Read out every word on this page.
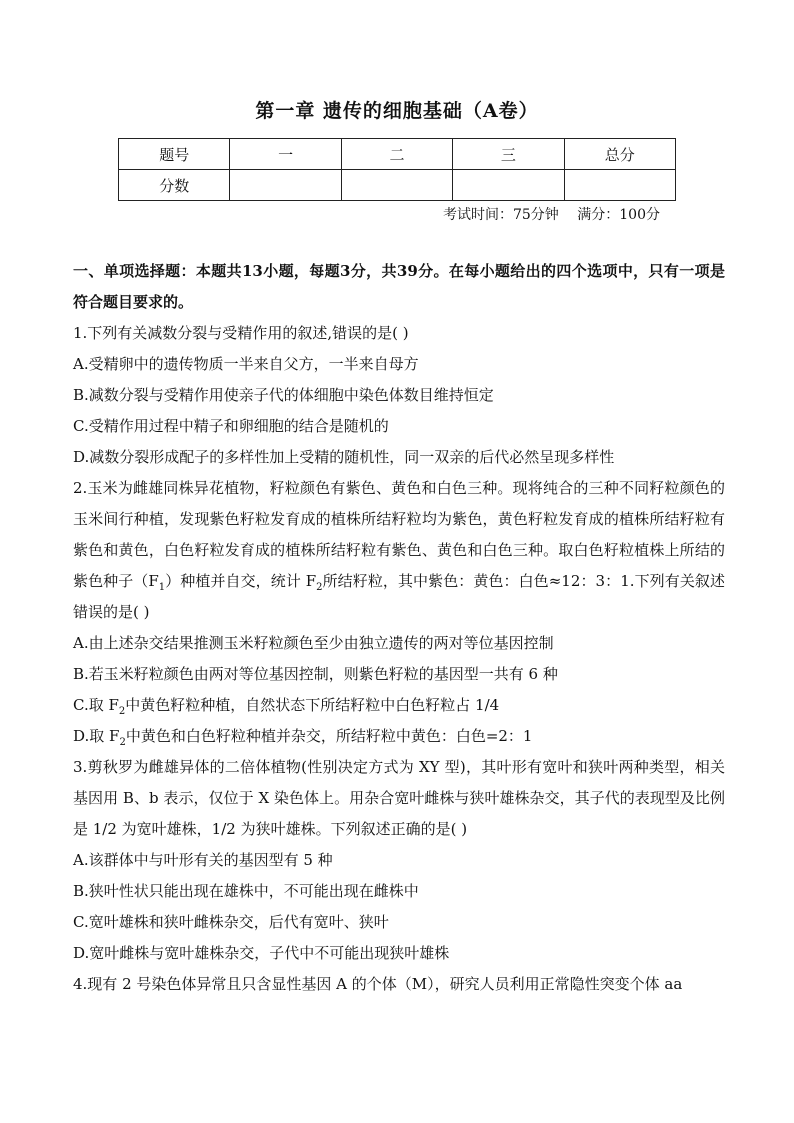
第一章 遗传的细胞基础（A卷）
题号	一	二	三	总分
分数				
考试时间：75分钟 满分：100分
一、单项选择题：本题共13小题，每题3分，共39分。在每小题给出的四个选项中，只有一项是符合题目要求的。
1.下列有关减数分裂与受精作用的叙述,错误的是( )
A.受精卵中的遗传物质一半来自父方，一半来自母方
B.减数分裂与受精作用使亲子代的体细胞中染色体数目维持恒定
C.受精作用过程中精子和卵细胞的结合是随机的
D.减数分裂形成配子的多样性加上受精的随机性，同一双亲的后代必然呈现多样性
2.玉米为雌雄同株异花植物，籽粒颜色有紫色、黄色和白色三种。现将纯合的三种不同籽粒颜色的玉米间行种植，发现紫色籽粒发育成的植株所结籽粒均为紫色，黄色籽粒发育成的植株所结籽粒有紫色和黄色，白色籽粒发育成的植株所结籽粒有紫色、黄色和白色三种。取白色籽粒植株上所结的紫色种子$(F_1)$种植并自交，统计 $F_2$所结籽粒，其中紫色：黄色：白色≈12：3：1.下列有关叙述错误的是( )
A.由上述杂交结果推测玉米籽粒颜色至少由独立遗传的两对等位基因控制
B.若玉米籽粒颜色由两对等位基因控制，则紫色籽粒的基因型一共有 6 种
C.取 $F_2$中黄色籽粒种植，自然状态下所结籽粒中白色籽粒占 1/4
D.取 $F_2$中黄色和白色籽粒种植并杂交，所结籽粒中黄色：白色=2：1
3.剪秋罗为雌雄异体的二倍体植物(性别决定方式为 XY 型)，其叶形有宽叶和狭叶两种类型，相关基因用 B、b 表示，仅位于 X 染色体上。用杂合宽叶雌株与狭叶雄株杂交，其子代的表现型及比例是 1/2 为宽叶雄株，1/2 为狭叶雄株。下列叙述正确的是( )
A.该群体中与叶形有关的基因型有 5 种
B.狭叶性状只能出现在雄株中，不可能出现在雌株中
C.宽叶雄株和狭叶雌株杂交，后代有宽叶、狭叶
D.宽叶雌株与宽叶雄株杂交，子代中不可能出现狭叶雄株
4.现有 2 号染色体异常且只含显性基因 A 的个体（M），研究人员利用正常隐性突变个体 aa
